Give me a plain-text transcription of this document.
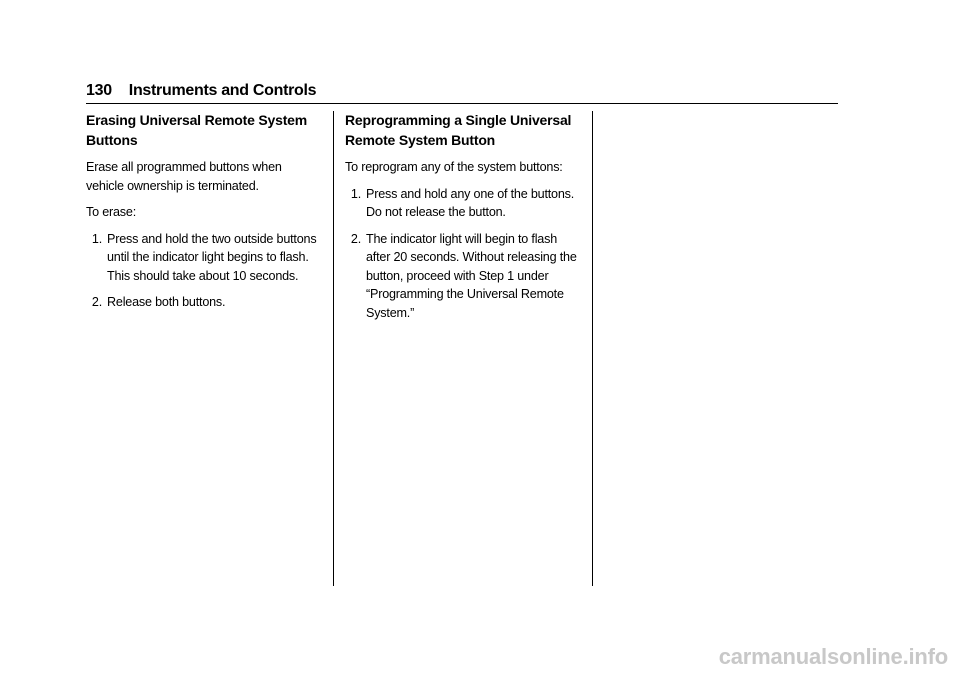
130 Instruments and Controls
Erasing Universal Remote System Buttons

Erase all programmed buttons when vehicle ownership is terminated.

To erase:

1. Press and hold the two outside buttons until the indicator light begins to flash. This should take about 10 seconds.
2. Release both buttons.
Reprogramming a Single Universal Remote System Button

To reprogram any of the system buttons:

1. Press and hold any one of the buttons. Do not release the button.
2. The indicator light will begin to flash after 20 seconds. Without releasing the button, proceed with Step 1 under “Programming the Universal Remote System.”
carmanualsonline.info
